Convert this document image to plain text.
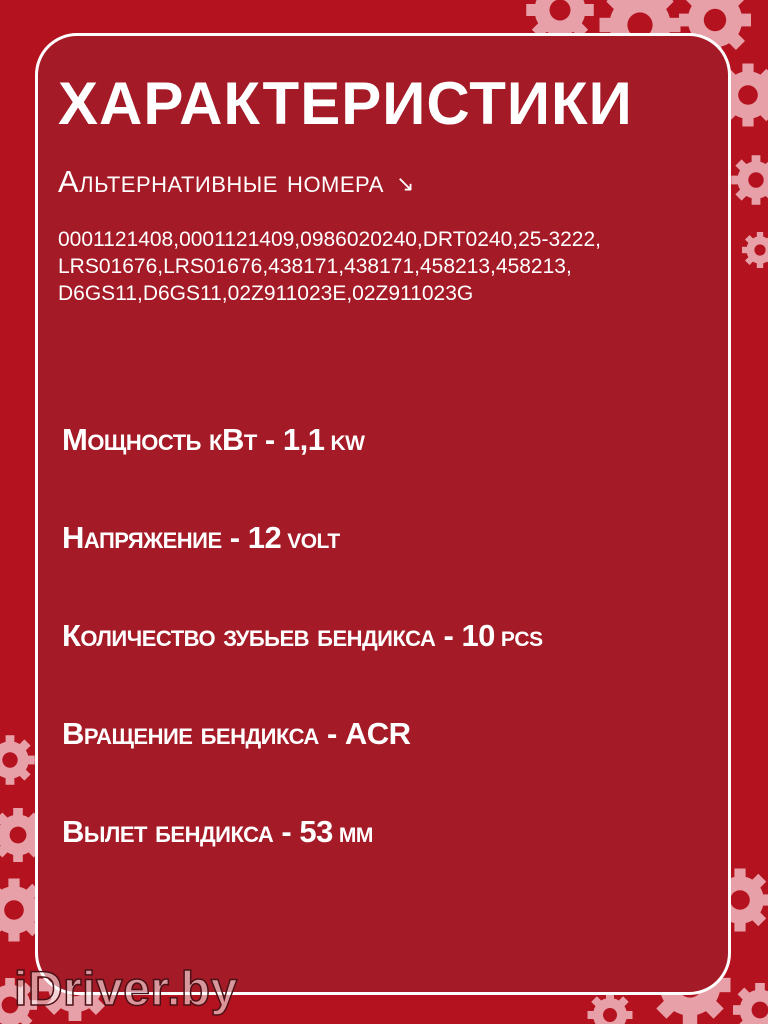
ХАРАКТЕРИСТИКИ
Альтернативные номера ↘
0001121408,0001121409,0986020240,DRT0240,25-3222,
LRS01676,LRS01676,438171,438171,458213,458213,
D6GS11,D6GS11,02Z911023E,02Z911023G
Мощность кВт - 1,1 KW
Напряжение - 12 VOLT
Количество зубьев бендикса - 10 PCS
Вращение бендикса - ACR
Вылет бендикса - 53 ММ
iDriver.by
